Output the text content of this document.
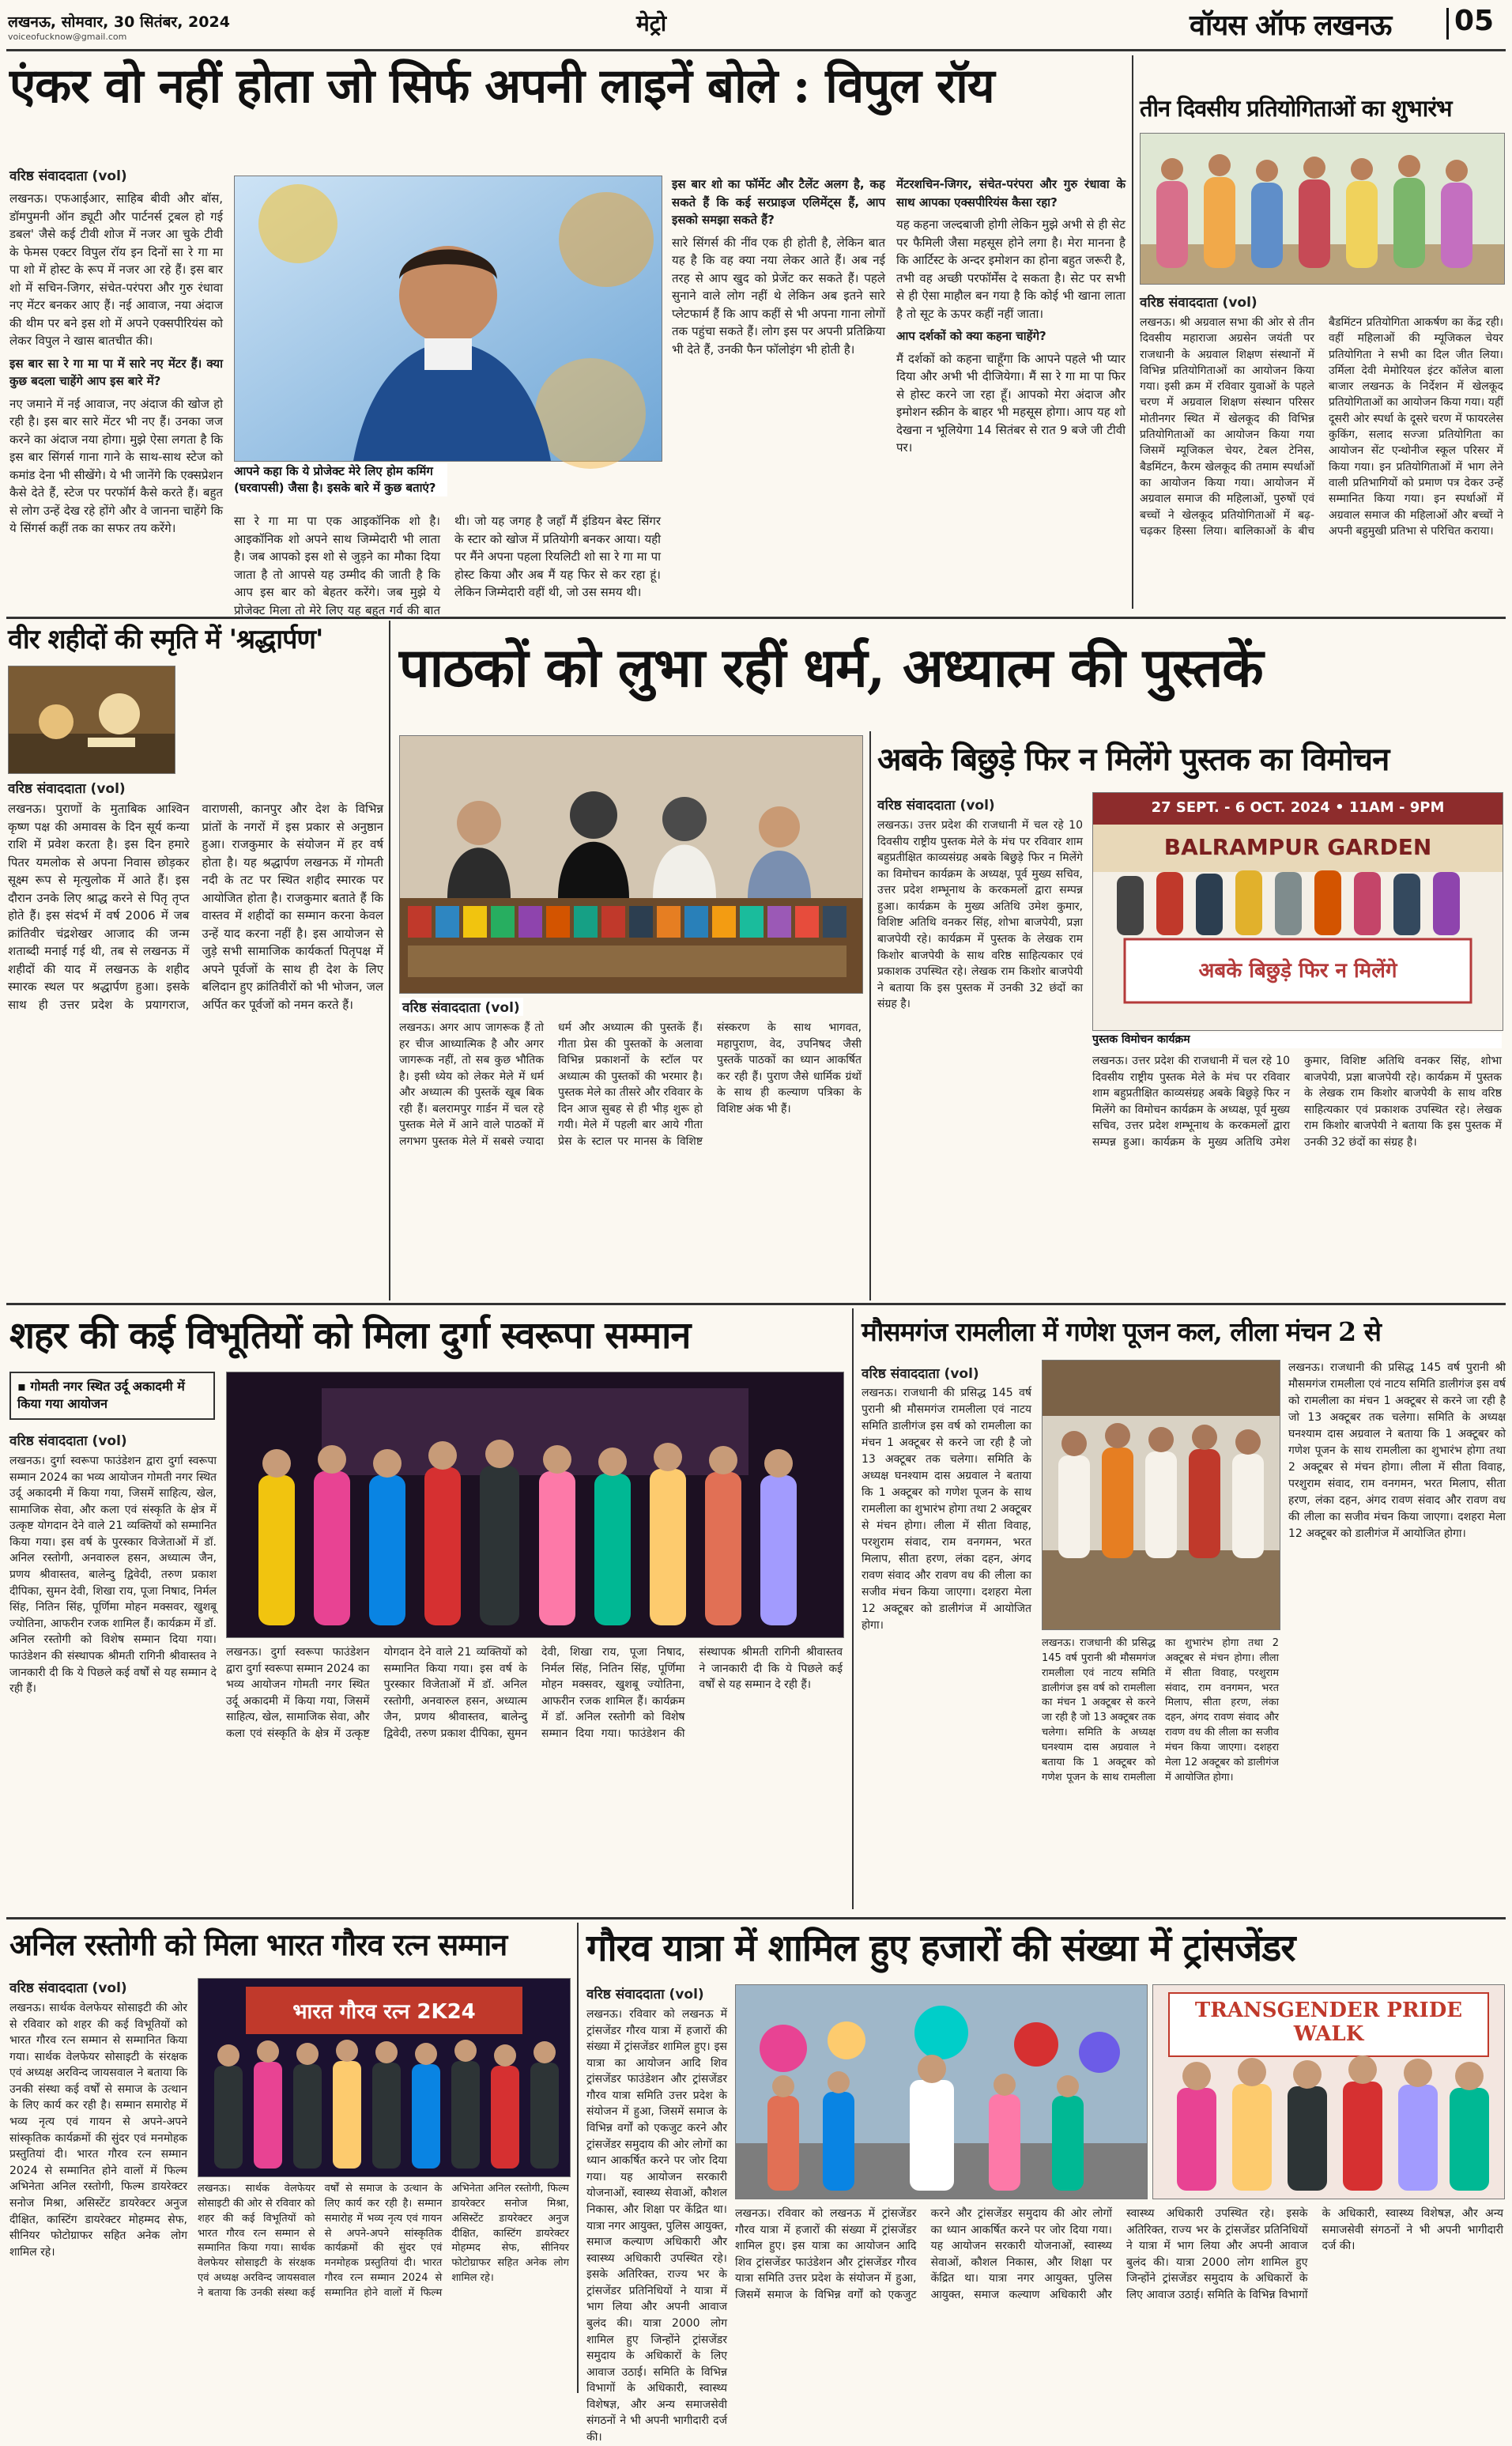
लखनऊ, सोमवार, 30 सितंबर, 2024
voiceofucknow@gmail.com
मेट्रो	वॉयस ऑफ लखनऊ 05
एंकर वो नहीं होता जो सिर्फ अपनी लाइनें बोले : विपुल रॉय
वरिष्ठ संवाददाता (vol)

लखनऊ। एफआईआर, साहिब बीवी और बॉस, डॉमपुमनी ऑन ड्यूटी और पार्टनर्स ट्रबल हो गई डबल' जैसे कई टीवी शोज में नजर आ चुके टीवी के फेमस एक्टर विपुल रॉय इन दिनों सा रे गा मा पा शो में होस्ट के रूप में नजर आ रहे हैं। इस बार शो में सचिन-जिगर, संचेत-परंपरा और गुरु रंधावा नए मेंटर बनकर आए हैं। नई आवाज, नया अंदाज की थीम पर बने इस शो में अपने एक्सपीरियंस को लेकर विपुल ने खास बातचीत की।

इस बार सा रे गा मा पा में सारे नए मेंटर हैं। क्या कुछ बदला चाहेंगे आप इस बारे में?

नए जमाने में नई आवाज, नए अंदाज की खोज हो रही है। इस बार सारे मेंटर भी नए हैं। उनका जज करने का अंदाज नया होगा। मुझे ऐसा लगता है कि इस बार सिंगर्स गाना गाने के साथ-साथ स्टेज को कमांड देना भी सीखेंगे। ये भी जानेंगे कि एक्सप्रेशन कैसे देते हैं, स्टेज पर परफॉर्म कैसे करते हैं। बहुत से लोग उन्हें देख रहे होंगे और वे जानना चाहेंगे कि ये सिंगर्स कहीं तक का सफर तय करेंगे।

आपने कहा कि ये प्रोजेक्ट मेरे लिए होम कमिंग (घरवापसी) जैसा है। इसके बारे में कुछ बताएं?

सा रे गा मा पा एक आइकॉनिक शो है। आइकॉनिक शो अपने साथ जिम्मेदारी भी लाता है। जब आपको इस शो से जुड़ने का मौका दिया जाता है तो आपसे यह उम्मीद की जाती है कि आप इस बार को बेहतर करेंगे। जब मुझे ये प्रोजेक्ट मिला तो मेरे लिए यह बहुत गर्व की बात थी। जो यह जगह है जहाँ मैं इंडियन बेस्ट सिंगर के स्टार को खोज में प्रतियोगी बनकर आया। यही पर मैंने अपना पहला रियलिटी शो सा रे गा मा पा होस्ट किया और अब मैं यह फिर से कर रहा हूं। लेकिन जिम्मेदारी वहीं थी, जो उस समय थी।

इस बार शो का फॉर्मेट और टैलेंट अलग है, कह सकते हैं कि कई सरप्राइज एलिमेंट्स हैं, आप इसको समझा सकते हैं?

सारे सिंगर्स की नींव एक ही होती है, लेकिन बात यह है कि वह क्या नया लेकर आते हैं। अब नई तरह से आप खुद को प्रेजेंट कर सकते हैं। पहले सुनाने वाले लोग नहीं थे लेकिन अब इतने सारे प्लेटफार्म हैं कि आप कहीं से भी अपना गाना लोगों तक पहुंचा सकते हैं। लोग इस पर अपनी प्रतिक्रिया भी देते हैं, उनकी फैन फॉलोइंग भी होती है।

मेंटरशचिन-जिगर, संचेत-परंपरा और गुरु रंधावा के साथ आपका एक्सपीरियंस कैसा रहा?

यह कहना जल्दबाजी होगी लेकिन मुझे अभी से ही सेट पर फैमिली जैसा महसूस होने लगा है। मेरा मानना है कि आर्टिस्ट के अन्दर इमोशन का होना बहुत जरूरी है, तभी वह अच्छी परफॉर्मेंस दे सकता है। सेट पर सभी से ही ऐसा माहौल बन गया है कि कोई भी खाना लाता है तो सूट के ऊपर कहीं नहीं जाता।

आप दर्शकों को क्या कहना चाहेंगे?

मैं दर्शकों को कहना चाहूँगा कि आपने पहले भी प्यार दिया और अभी भी दीजियेगा। मैं सा रे गा मा पा फिर से होस्ट करने जा रहा हूँ। आपको मेरा अंदाज और इमोशन स्क्रीन के बाहर भी महसूस होगा। आप यह शो देखना न भूलियेगा 14 सितंबर से रात 9 बजे जी टीवी पर।

तीन दिवसीय प्रतियोगिताओं का शुभारंभ
वरिष्ठ संवाददाता (vol)
लखनऊ। श्री अग्रवाल सभा की ओर से तीन दिवसीय महाराजा अग्रसेन जयंती पर राजधानी के अग्रवाल शिक्षण संस्थानों में विभिन्न प्रतियोगिताओं का आयोजन किया गया। इसी क्रम में रविवार युवाओं के पहले चरण में अग्रवाल शिक्षण संस्थान परिसर मोतीनगर स्थित में खेलकूद की विभिन्न प्रतियोगिताओं का आयोजन किया गया जिसमें म्यूजिकल चेयर, टेबल टेनिस, बैडमिंटन, कैरम खेलकूद की तमाम स्पर्धाओं का आयोजन किया गया। आयोजन में अग्रवाल समाज की महिलाओं, पुरुषों एवं बच्चों ने खेलकूद प्रतियोगिताओं में बढ़-चढ़कर हिस्सा लिया। बालिकाओं के बीच बैडमिंटन प्रतियोगिता आकर्षण का केंद्र रही। वहीं महिलाओं की म्यूजिकल चेयर प्रतियोगिता ने सभी का दिल जीत लिया। उर्मिला देवी मेमोरियल इंटर कॉलेज बाला बाजार लखनऊ के निर्देशन में खेलकूद प्रतियोगिताओं का आयोजन किया गया। यहीं दूसरी ओर स्पर्धा के दूसरे चरण में फायरलेस कुकिंग, सलाद सज्जा प्रतियोगिता का आयोजन सेंट एन्थोनीज स्कूल परिसर में किया गया। इन प्रतियोगिताओं में भाग लेने वाली प्रतिभागियों को प्रमाण पत्र देकर उन्हें सम्मानित किया गया। इन स्पर्धाओं में अग्रवाल समाज की महिलाओं और बच्चों ने अपनी बहुमुखी प्रतिभा से परिचित कराया।
वीर शहीदों की स्मृति में 'श्रद्धार्पण'
वरिष्ठ संवाददाता (vol)
लखनऊ। पुराणों के मुताबिक आश्विन कृष्ण पक्ष की अमावस के दिन सूर्य कन्या राशि में प्रवेश करता है। इस दिन हमारे पितर यमलोक से अपना निवास छोड़कर सूक्ष्म रूप से मृत्युलोक में आते हैं। इस दौरान उनके लिए श्राद्ध करने से पितृ तृप्त होते हैं। इस संदर्भ में वर्ष 2006 में जब क्रांतिवीर चंद्रशेखर आजाद की जन्म शताब्दी मनाई गई थी, तब से लखनऊ में शहीदों की याद में लखनऊ के शहीद स्मारक स्थल पर श्रद्धार्पण हुआ। इसके साथ ही उत्तर प्रदेश के प्रयागराज, वाराणसी, कानपुर और देश के विभिन्न प्रांतों के नगरों में इस प्रकार से अनुष्ठान हुआ। राजकुमार के संयोजन में हर वर्ष होता है। यह श्रद्धार्पण लखनऊ में गोमती नदी के तट पर स्थित शहीद स्मारक पर आयोजित होता है। राजकुमार बताते हैं कि वास्तव में शहीदों का सम्मान करना केवल उन्हें याद करना नहीं है। इस आयोजन से जुड़े सभी सामाजिक कार्यकर्ता पितृपक्ष में अपने पूर्वजों के साथ ही देश के लिए बलिदान हुए क्रांतिवीरों को भी भोजन, जल अर्पित कर पूर्वजों को नमन करते हैं।
पाठकों को लुभा रहीं धर्म, अध्यात्म की पुस्तकें
वरिष्ठ संवाददाता (vol)
लखनऊ। अगर आप जागरूक हैं तो हर चीज आध्यात्मिक है और अगर जागरूक नहीं, तो सब कुछ भौतिक है। इसी ध्येय को लेकर मेले में धर्म और अध्यात्म की पुस्तकें खूब बिक रही हैं। बलरामपुर गार्डन में चल रहे पुस्तक मेले में आने वाले पाठकों में लगभग पुस्तक मेले में सबसे ज्यादा धर्म और अध्यात्म की पुस्तकें हैं। गीता प्रेस की पुस्तकों के अलावा विभिन्न प्रकाशनों के स्टॉल पर अध्यात्म की पुस्तकों की भरमार है। पुस्तक मेले का तीसरे और रविवार के दिन आज सुबह से ही भीड़ शुरू हो गयी। मेले में पहली बार आये गीता प्रेस के स्टाल पर मानस के विशिष्ट संस्करण के साथ भागवत, महापुराण, वेद, उपनिषद जैसी पुस्तकें पाठकों का ध्यान आकर्षित कर रही हैं। पुराण जैसे धार्मिक ग्रंथों के साथ ही कल्याण पत्रिका के विशिष्ट अंक भी हैं।
अबके बिछुड़े फिर न मिलेंगे पुस्तक का विमोचन
वरिष्ठ संवाददाता (vol)
लखनऊ। उत्तर प्रदेश की राजधानी में चल रहे 10 दिवसीय राष्ट्रीय पुस्तक मेले के मंच पर रविवार शाम बहुप्रतीक्षित काव्यसंग्रह अबके बिछुड़े फिर न मिलेंगे का विमोचन कार्यक्रम के अध्यक्ष, पूर्व मुख्य सचिव, उत्तर प्रदेश शम्भूनाथ के करकमलों द्वारा सम्पन्न हुआ। कार्यक्रम के मुख्य अतिथि उमेश कुमार, विशिष्ट अतिथि वनकर सिंह, शोभा बाजपेयी, प्रज्ञा बाजपेयी रहे। कार्यक्रम में पुस्तक के लेखक राम किशोर बाजपेयी के साथ वरिष्ठ साहित्यकार एवं प्रकाशक उपस्थित रहे। लेखक राम किशोर बाजपेयी ने बताया कि इस पुस्तक में उनकी 32 छंदों का संग्रह है।
27 SEPT. - 6 OCT. 2024 • 11AM - 9PM
BALRAMPUR GARDEN
अबके बिछुड़े फिर न मिलेंगे
पुस्तक विमोचन कार्यक्रम
लखनऊ। उत्तर प्रदेश की राजधानी में चल रहे 10 दिवसीय राष्ट्रीय पुस्तक मेले के मंच पर रविवार शाम बहुप्रतीक्षित काव्यसंग्रह अबके बिछुड़े फिर न मिलेंगे का विमोचन कार्यक्रम के अध्यक्ष, पूर्व मुख्य सचिव, उत्तर प्रदेश शम्भूनाथ के करकमलों द्वारा सम्पन्न हुआ। कार्यक्रम के मुख्य अतिथि उमेश कुमार, विशिष्ट अतिथि वनकर सिंह, शोभा बाजपेयी, प्रज्ञा बाजपेयी रहे। कार्यक्रम में पुस्तक के लेखक राम किशोर बाजपेयी के साथ वरिष्ठ साहित्यकार एवं प्रकाशक उपस्थित रहे। लेखक राम किशोर बाजपेयी ने बताया कि इस पुस्तक में उनकी 32 छंदों का संग्रह है।
शहर की कई विभूतियों को मिला दुर्गा स्वरूपा सम्मान
▪ गोमती नगर स्थित उर्दू अकादमी में किया गया आयोजन
वरिष्ठ संवाददाता (vol)
लखनऊ। दुर्गा स्वरूपा फाउंडेशन द्वारा दुर्गा स्वरूपा सम्मान 2024 का भव्य आयोजन गोमती नगर स्थित उर्दू अकादमी में किया गया, जिसमें साहित्य, खेल, सामाजिक सेवा, और कला एवं संस्कृति के क्षेत्र में उत्कृष्ट योगदान देने वाले 21 व्यक्तियों को सम्मानित किया गया। इस वर्ष के पुरस्कार विजेताओं में डॉ. अनिल रस्तोगी, अनवारुल हसन, अध्यात्म जैन, प्रणय श्रीवास्तव, बालेन्दु द्विवेदी, तरुण प्रकाश दीपिका, सुमन देवी, शिखा राय, पूजा निषाद, निर्मल सिंह, नितिन सिंह, पूर्णिमा मोहन मक्सवर, खुशबू ज्योतिना, आफरीन रजक शामिल हैं। कार्यक्रम में डॉ. अनिल रस्तोगी को विशेष सम्मान दिया गया। फाउंडेशन की संस्थापक श्रीमती रागिनी श्रीवास्तव ने जानकारी दी कि ये पिछले कई वर्षों से यह सम्मान दे रही हैं।
लखनऊ। दुर्गा स्वरूपा फाउंडेशन द्वारा दुर्गा स्वरूपा सम्मान 2024 का भव्य आयोजन गोमती नगर स्थित उर्दू अकादमी में किया गया, जिसमें साहित्य, खेल, सामाजिक सेवा, और कला एवं संस्कृति के क्षेत्र में उत्कृष्ट योगदान देने वाले 21 व्यक्तियों को सम्मानित किया गया। इस वर्ष के पुरस्कार विजेताओं में डॉ. अनिल रस्तोगी, अनवारुल हसन, अध्यात्म जैन, प्रणय श्रीवास्तव, बालेन्दु द्विवेदी, तरुण प्रकाश दीपिका, सुमन देवी, शिखा राय, पूजा निषाद, निर्मल सिंह, नितिन सिंह, पूर्णिमा मोहन मक्सवर, खुशबू ज्योतिना, आफरीन रजक शामिल हैं। कार्यक्रम में डॉ. अनिल रस्तोगी को विशेष सम्मान दिया गया। फाउंडेशन की संस्थापक श्रीमती रागिनी श्रीवास्तव ने जानकारी दी कि ये पिछले कई वर्षों से यह सम्मान दे रही हैं।
मौसमगंज रामलीला में गणेश पूजन कल, लीला मंचन 2 से
वरिष्ठ संवाददाता (vol)
लखनऊ। राजधानी की प्रसिद्ध 145 वर्ष पुरानी श्री मौसमगंज रामलीला एवं नाटय समिति डालीगंज इस वर्ष को रामलीला का मंचन 1 अक्टूबर से करने जा रही है जो 13 अक्टूबर तक चलेगा। समिति के अध्यक्ष घनश्याम दास अग्रवाल ने बताया कि 1 अक्टूबर को गणेश पूजन के साथ रामलीला का शुभारंभ होगा तथा 2 अक्टूबर से मंचन होगा। लीला में सीता विवाह, परशुराम संवाद, राम वनगमन, भरत मिलाप, सीता हरण, लंका दहन, अंगद रावण संवाद और रावण वध की लीला का सजीव मंचन किया जाएगा। दशहरा मेला 12 अक्टूबर को डालीगंज में आयोजित होगा।
लखनऊ। राजधानी की प्रसिद्ध 145 वर्ष पुरानी श्री मौसमगंज रामलीला एवं नाटय समिति डालीगंज इस वर्ष को रामलीला का मंचन 1 अक्टूबर से करने जा रही है जो 13 अक्टूबर तक चलेगा। समिति के अध्यक्ष घनश्याम दास अग्रवाल ने बताया कि 1 अक्टूबर को गणेश पूजन के साथ रामलीला का शुभारंभ होगा तथा 2 अक्टूबर से मंचन होगा। लीला में सीता विवाह, परशुराम संवाद, राम वनगमन, भरत मिलाप, सीता हरण, लंका दहन, अंगद रावण संवाद और रावण वध की लीला का सजीव मंचन किया जाएगा। दशहरा मेला 12 अक्टूबर को डालीगंज में आयोजित होगा।
लखनऊ। राजधानी की प्रसिद्ध 145 वर्ष पुरानी श्री मौसमगंज रामलीला एवं नाटय समिति डालीगंज इस वर्ष को रामलीला का मंचन 1 अक्टूबर से करने जा रही है जो 13 अक्टूबर तक चलेगा। समिति के अध्यक्ष घनश्याम दास अग्रवाल ने बताया कि 1 अक्टूबर को गणेश पूजन के साथ रामलीला का शुभारंभ होगा तथा 2 अक्टूबर से मंचन होगा। लीला में सीता विवाह, परशुराम संवाद, राम वनगमन, भरत मिलाप, सीता हरण, लंका दहन, अंगद रावण संवाद और रावण वध की लीला का सजीव मंचन किया जाएगा। दशहरा मेला 12 अक्टूबर को डालीगंज में आयोजित होगा।
अनिल रस्तोगी को मिला भारत गौरव रत्न सम्मान
वरिष्ठ संवाददाता (vol)
लखनऊ। सार्थक वेलफेयर सोसाइटी की ओर से रविवार को शहर की कई विभूतियों को भारत गौरव रत्न सम्मान से सम्मानित किया गया। सार्थक वेलफेयर सोसाइटी के संरक्षक एवं अध्यक्ष अरविन्द जायसवाल ने बताया कि उनकी संस्था कई वर्षों से समाज के उत्थान के लिए कार्य कर रही है। सम्मान समारोह में भव्य नृत्य एवं गायन से अपने-अपने सांस्कृतिक कार्यक्रमों की सुंदर एवं मनमोहक प्रस्तुतियां दी। भारत गौरव रत्न सम्मान 2024 से सम्मानित होने वालों में फिल्म अभिनेता अनिल रस्तोगी, फिल्म डायरेक्टर सनोज मिश्रा, असिस्टेंट डायरेक्टर अनुज दीक्षित, कास्टिंग डायरेक्टर मोहम्मद सेफ, सीनियर फोटोग्राफर सहित अनेक लोग शामिल रहे।
भारत गौरव रत्न 2K24
लखनऊ। सार्थक वेलफेयर सोसाइटी की ओर से रविवार को शहर की कई विभूतियों को भारत गौरव रत्न सम्मान से सम्मानित किया गया। सार्थक वेलफेयर सोसाइटी के संरक्षक एवं अध्यक्ष अरविन्द जायसवाल ने बताया कि उनकी संस्था कई वर्षों से समाज के उत्थान के लिए कार्य कर रही है। सम्मान समारोह में भव्य नृत्य एवं गायन से अपने-अपने सांस्कृतिक कार्यक्रमों की सुंदर एवं मनमोहक प्रस्तुतियां दी। भारत गौरव रत्न सम्मान 2024 से सम्मानित होने वालों में फिल्म अभिनेता अनिल रस्तोगी, फिल्म डायरेक्टर सनोज मिश्रा, असिस्टेंट डायरेक्टर अनुज दीक्षित, कास्टिंग डायरेक्टर मोहम्मद सेफ, सीनियर फोटोग्राफर सहित अनेक लोग शामिल रहे।
गौरव यात्रा में शामिल हुए हजारों की संख्या में ट्रांसजेंडर
वरिष्ठ संवाददाता (vol)
लखनऊ। रविवार को लखनऊ में ट्रांसजेंडर गौरव यात्रा में हजारों की संख्या में ट्रांसजेंडर शामिल हुए। इस यात्रा का आयोजन आदि शिव ट्रांसजेंडर फाउंडेशन और ट्रांसजेंडर गौरव यात्रा समिति उत्तर प्रदेश के संयोजन में हुआ, जिसमें समाज के विभिन्न वर्गों को एकजुट करने और ट्रांसजेंडर समुदाय की ओर लोगों का ध्यान आकर्षित करने पर जोर दिया गया। यह आयोजन सरकारी योजनाओं, स्वास्थ्य सेवाओं, कौशल निकास, और शिक्षा पर केंद्रित था। यात्रा नगर आयुक्त, पुलिस आयुक्त, समाज कल्याण अधिकारी और स्वास्थ्य अधिकारी उपस्थित रहे। इसके अतिरिक्त, राज्य भर के ट्रांसजेंडर प्रतिनिधियों ने यात्रा में भाग लिया और अपनी आवाज बुलंद की। यात्रा 2000 लोग शामिल हुए जिन्होंने ट्रांसजेंडर समुदाय के अधिकारों के लिए आवाज उठाई। समिति के विभिन्न विभागों के अधिकारी, स्वास्थ्य विशेषज्ञ, और अन्य समाजसेवी संगठनों ने भी अपनी भागीदारी दर्ज की।
TRANSGENDER PRIDE WALK
लखनऊ। रविवार को लखनऊ में ट्रांसजेंडर गौरव यात्रा में हजारों की संख्या में ट्रांसजेंडर शामिल हुए। इस यात्रा का आयोजन आदि शिव ट्रांसजेंडर फाउंडेशन और ट्रांसजेंडर गौरव यात्रा समिति उत्तर प्रदेश के संयोजन में हुआ, जिसमें समाज के विभिन्न वर्गों को एकजुट करने और ट्रांसजेंडर समुदाय की ओर लोगों का ध्यान आकर्षित करने पर जोर दिया गया। यह आयोजन सरकारी योजनाओं, स्वास्थ्य सेवाओं, कौशल निकास, और शिक्षा पर केंद्रित था। यात्रा नगर आयुक्त, पुलिस आयुक्त, समाज कल्याण अधिकारी और स्वास्थ्य अधिकारी उपस्थित रहे। इसके अतिरिक्त, राज्य भर के ट्रांसजेंडर प्रतिनिधियों ने यात्रा में भाग लिया और अपनी आवाज बुलंद की। यात्रा 2000 लोग शामिल हुए जिन्होंने ट्रांसजेंडर समुदाय के अधिकारों के लिए आवाज उठाई। समिति के विभिन्न विभागों के अधिकारी, स्वास्थ्य विशेषज्ञ, और अन्य समाजसेवी संगठनों ने भी अपनी भागीदारी दर्ज की।
